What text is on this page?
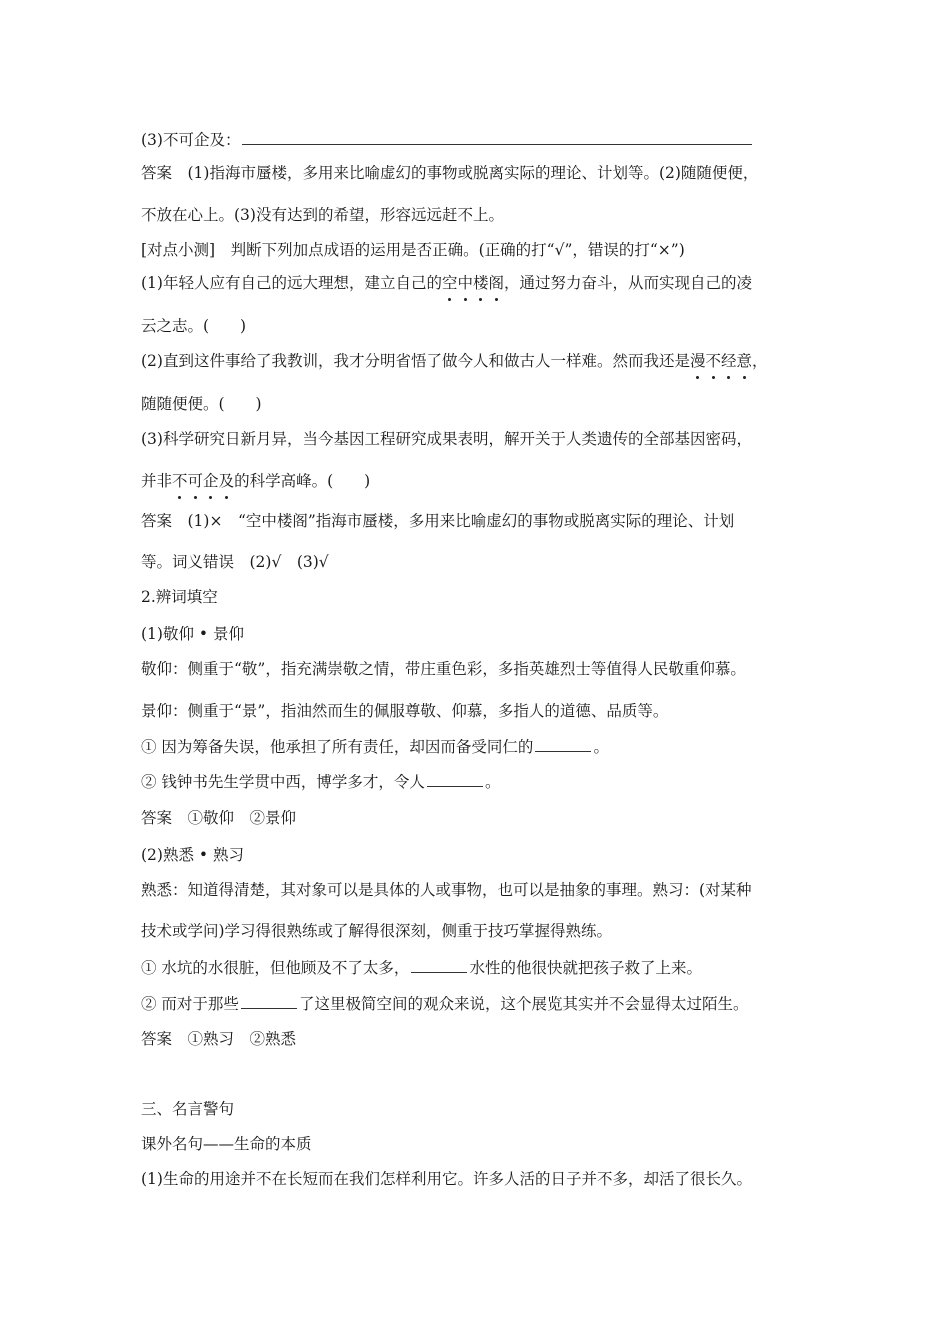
(3)不可企及：
答案　(1)指海市蜃楼，多用来比喻虚幻的事物或脱离实际的理论、计划等。(2)随随便便，
不放在心上。(3)没有达到的希望，形容远远赶不上。
[对点小测]　判断下列加点成语的运用是否正确。(正确的打“√”，错误的打“×”)
(1)年轻人应有自己的远大理想，建立自己的空中楼阁，通过努力奋斗，从而实现自己的凌
云之志。(　　)
(2)直到这件事给了我教训，我才分明省悟了做今人和做古人一样难。然而我还是漫不经意，
随随便便。(　　)
(3)科学研究日新月异，当今基因工程研究成果表明，解开关于人类遗传的全部基因密码，
并非不可企及的科学高峰。(　　)
答案　(1)×　“空中楼阁”指海市蜃楼，多用来比喻虚幻的事物或脱离实际的理论、计划
等。词义错误　(2)√　(3)√
2.辨词填空
(1)敬仰 • 景仰
敬仰：侧重于“敬”，指充满崇敬之情，带庄重色彩，多指英雄烈士等值得人民敬重仰慕。
景仰：侧重于“景”，指油然而生的佩服尊敬、仰慕，多指人的道德、品质等。
① 因为筹备失误，他承担了所有责任，却因而备受同仁的	。
② 钱钟书先生学贯中西，博学多才，令人	。
答案　①敬仰　②景仰
(2)熟悉 • 熟习
熟悉：知道得清楚，其对象可以是具体的人或事物，也可以是抽象的事理。熟习：(对某种
技术或学问)学习得很熟练或了解得很深刻，侧重于技巧掌握得熟练。
① 水坑的水很脏，但他顾及不了太多，	水性的他很快就把孩子救了上来。
② 而对于那些	了这里极简空间的观众来说，这个展览其实并不会显得太过陌生。
答案　①熟习　②熟悉
三、名言警句
课外名句——生命的本质
(1)生命的用途并不在长短而在我们怎样利用它。许多人活的日子并不多，却活了很长久。
